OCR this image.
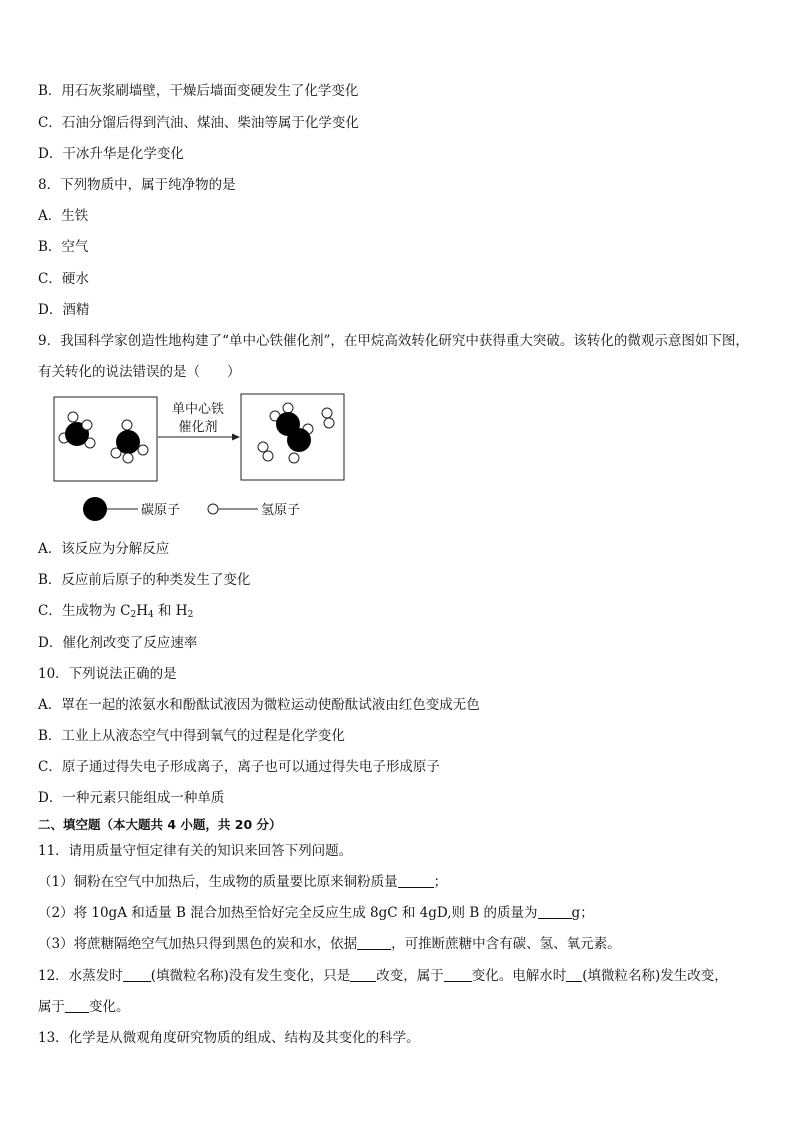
B．用石灰浆刷墙壁，干燥后墙面变硬发生了化学变化
C．石油分馏后得到汽油、煤油、柴油等属于化学变化
D．干冰升华是化学变化
8．下列物质中，属于纯净物的是
A．生铁
B．空气
C．硬水
D．酒精
9．我国科学家创造性地构建了“单中心铁催化剂”，在甲烷高效转化研究中获得重大突破。该转化的微观示意图如下图，
有关转化的说法错误的是（　　）
单中心铁
催化剂
碳原子	氢原子
A．该反应为分解反应
B．反应前后原子的种类发生了变化
C．生成物为 $C_2H_4$ 和 $H_2$
D．催化剂改变了反应速率
10．下列说法正确的是
A．罩在一起的浓氨水和酚酞试液因为微粒运动使酚酞试液由红色变成无色
B．工业上从液态空气中得到氧气的过程是化学变化
C．原子通过得失电子形成离子，离子也可以通过得失电子形成原子
D．一种元素只能组成一种单质
二、填空题（本大题共 4 小题，共 20 分）
11．请用质量守恒定律有关的知识来回答下列问题。
（1）铜粉在空气中加热后，生成物的质量要比原来铜粉质量	；
（2）将 10gA 和适量 B 混合加热至恰好完全反应生成 8gC 和 4gD,则 B 的质量为	g；
（3）将蔗糖隔绝空气加热只得到黑色的炭和水，依据	，可推断蔗糖中含有碳、氢、氧元素。
12．水蒸发时 (填微粒名称)没有发生变化，只是 改变，属于 变化。电解水时 (填微粒名称)发生改变，
属于 变化。
13．化学是从微观角度研究物质的组成、结构及其变化的科学。
